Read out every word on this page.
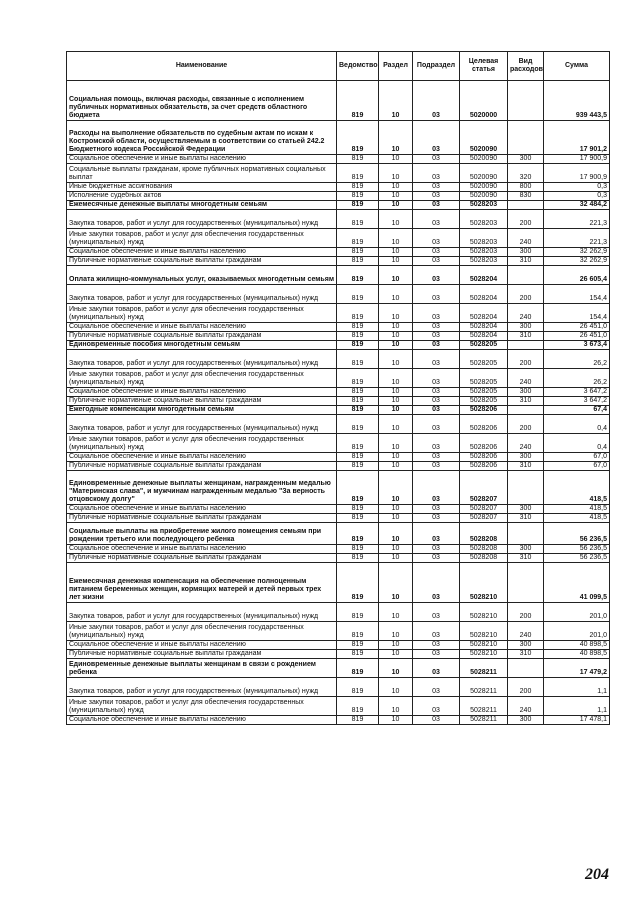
Наименование	Ведомство	Раздел	Подраздел	Целевая статья	Вид расходов	Сумма
Социальная помощь, включая расходы, связанные с исполнением публичных нормативных обязательств, за счет средств областного бюджета	819	10	03	5020000		939 443,5
Расходы на выполнение обязательств по судебным актам по искам к Костромской области, осуществляемым в соответствии со статьей 242.2 Бюджетного кодекса Российской Федерации	819	10	03	5020090		17 901,2
Социальное обеспечение и иные выплаты населению	819	10	03	5020090	300	17 900,9
Социальные выплаты гражданам, кроме публичных нормативных социальных выплат	819	10	03	5020090	320	17 900,9
Иные бюджетные ассигнования	819	10	03	5020090	800	0,3
Исполнение судебных актов	819	10	03	5020090	830	0,3
Ежемесячные денежные выплаты многодетным семьям	819	10	03	5028203		32 484,2
Закупка товаров, работ и услуг для государственных (муниципальных) нужд	819	10	03	5028203	200	221,3
Иные закупки товаров, работ и услуг для обеспечения государственных (муниципальных) нужд	819	10	03	5028203	240	221,3
Социальное обеспечение и иные выплаты населению	819	10	03	5028203	300	32 262,9
Публичные нормативные социальные выплаты гражданам	819	10	03	5028203	310	32 262,9
Оплата жилищно-коммунальных услуг, оказываемых многодетным семьям	819	10	03	5028204		26 605,4
Закупка товаров, работ и услуг для государственных (муниципальных) нужд	819	10	03	5028204	200	154,4
Иные закупки товаров, работ и услуг для обеспечения государственных (муниципальных) нужд	819	10	03	5028204	240	154,4
Социальное обеспечение и иные выплаты населению	819	10	03	5028204	300	26 451,0
Публичные нормативные социальные выплаты гражданам	819	10	03	5028204	310	26 451,0
Единовременные пособия многодетным семьям	819	10	03	5028205		3 673,4
Закупка товаров, работ и услуг для государственных (муниципальных) нужд	819	10	03	5028205	200	26,2
Иные закупки товаров, работ и услуг для обеспечения государственных (муниципальных) нужд	819	10	03	5028205	240	26,2
Социальное обеспечение и иные выплаты населению	819	10	03	5028205	300	3 647,2
Публичные нормативные социальные выплаты гражданам	819	10	03	5028205	310	3 647,2
Ежегодные компенсации многодетным семьям	819	10	03	5028206		67,4
Закупка товаров, работ и услуг для государственных (муниципальных) нужд	819	10	03	5028206	200	0,4
Иные закупки товаров, работ и услуг для обеспечения государственных (муниципальных) нужд	819	10	03	5028206	240	0,4
Социальное обеспечение и иные выплаты населению	819	10	03	5028206	300	67,0
Публичные нормативные социальные выплаты гражданам	819	10	03	5028206	310	67,0
Единовременные денежные выплаты женщинам, награжденным медалью "Материнская слава", и мужчинам награжденным медалью "За верность отцовскому долгу"	819	10	03	5028207		418,5
Социальное обеспечение и иные выплаты населению	819	10	03	5028207	300	418,5
Публичные нормативные социальные выплаты гражданам	819	10	03	5028207	310	418,5
Социальные выплаты на приобретение жилого помещения семьям при рождении третьего или последующего ребенка	819	10	03	5028208		56 236,5
Социальное обеспечение и иные выплаты населению	819	10	03	5028208	300	56 236,5
Публичные нормативные социальные выплаты гражданам	819	10	03	5028208	310	56 236,5
Ежемесячная денежная компенсация на обеспечение полноценным питанием беременных женщин, кормящих матерей и детей первых трех лет жизни	819	10	03	5028210		41 099,5
Закупка товаров, работ и услуг для государственных (муниципальных) нужд	819	10	03	5028210	200	201,0
Иные закупки товаров, работ и услуг для обеспечения государственных (муниципальных) нужд	819	10	03	5028210	240	201,0
Социальное обеспечение и иные выплаты населению	819	10	03	5028210	300	40 898,5
Публичные нормативные социальные выплаты гражданам	819	10	03	5028210	310	40 898,5
Единовременные денежные выплаты женщинам в связи с рождением ребенка	819	10	03	5028211		17 479,2
Закупка товаров, работ и услуг для государственных (муниципальных) нужд	819	10	03	5028211	200	1,1
Иные закупки товаров, работ и услуг для обеспечения государственных (муниципальных) нужд	819	10	03	5028211	240	1,1
Социальное обеспечение и иные выплаты населению	819	10	03	5028211	300	17 478,1
204
